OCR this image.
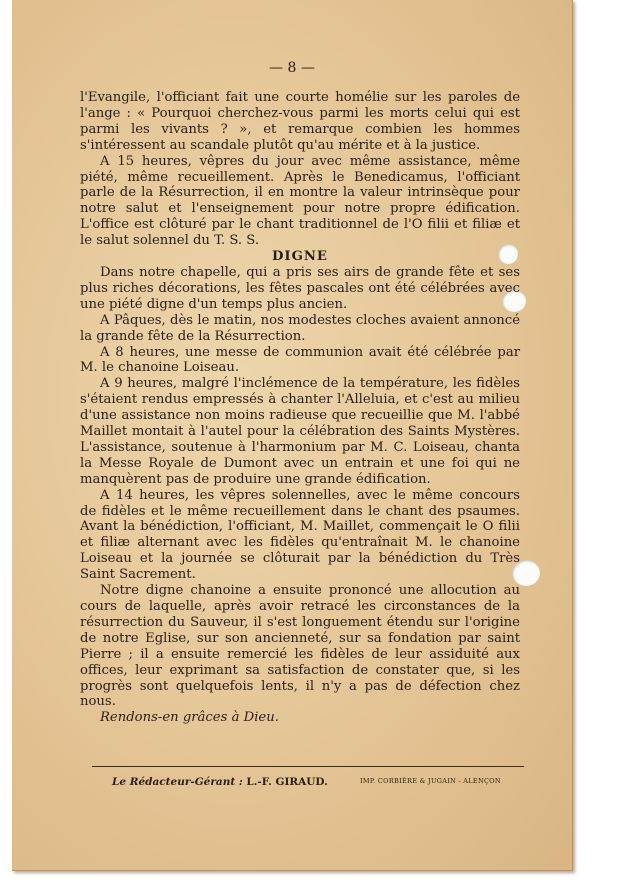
— 8 —

l'Evangile, l'officiant fait une courte homélie sur les paroles de l'ange : « Pourquoi cherchez-vous parmi les morts celui qui est parmi les vivants ? », et remarque combien les hommes s'intéressent au scandale plutôt qu'au mérite et à la justice.

A 15 heures, vêpres du jour avec même assistance, même piété, même recueillement. Après le Benedicamus, l'officiant parle de la Résurrection, il en montre la valeur intrinsèque pour notre salut et l'enseignement pour notre propre édification. L'office est clôturé par le chant traditionnel de l'O filii et filiæ et le salut solennel du T. S. S.

DIGNE

Dans notre chapelle, qui a pris ses airs de grande fête et ses plus riches décorations, les fêtes pascales ont été célébrées avec une piété digne d'un temps plus ancien.

A Pâques, dès le matin, nos modestes cloches avaient annoncé la grande fête de la Résurrection.

A 8 heures, une messe de communion avait été célébrée par M. le chanoine Loiseau.

A 9 heures, malgré l'inclémence de la température, les fidèles s'étaient rendus empressés à chanter l'Alleluia, et c'est au milieu d'une assistance non moins radieuse que recueillie que M. l'abbé Maillet montait à l'autel pour la célébration des Saints Mystères. L'assistance, soutenue à l'harmonium par M. C. Loiseau, chanta la Messe Royale de Dumont avec un entrain et une foi qui ne manquèrent pas de produire une grande édification.

A 14 heures, les vêpres solennelles, avec le même concours de fidèles et le même recueillement dans le chant des psaumes. Avant la bénédiction, l'officiant, M. Maillet, commençait le O filii et filiæ alternant avec les fidèles qu'entraînait M. le chanoine Loiseau et la journée se clôturait par la bénédiction du Très Saint Sacrement.

Notre digne chanoine a ensuite prononcé une allocution au cours de laquelle, après avoir retracé les circonstances de la résurrection du Sauveur, il s'est longuement étendu sur l'origine de notre Eglise, sur son ancienneté, sur sa fondation par saint Pierre ; il a ensuite remercié les fidèles de leur assiduité aux offices, leur exprimant sa satisfaction de constater que, si les progrès sont quelquefois lents, il n'y a pas de défection chez nous.

Rendons-en grâces à Dieu.

Le Rédacteur-Gérant : L.-F. GIRAUD.	IMP. CORBIÈRE & JUGAIN - ALENÇON
